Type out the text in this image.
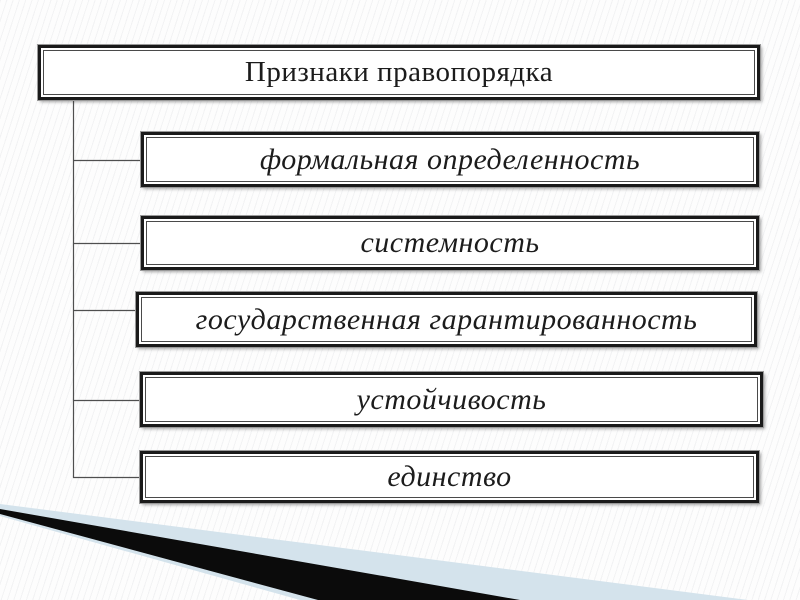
Признаки правопорядка
формальная определенность
системность
государственная гарантированность
устойчивость
единство
